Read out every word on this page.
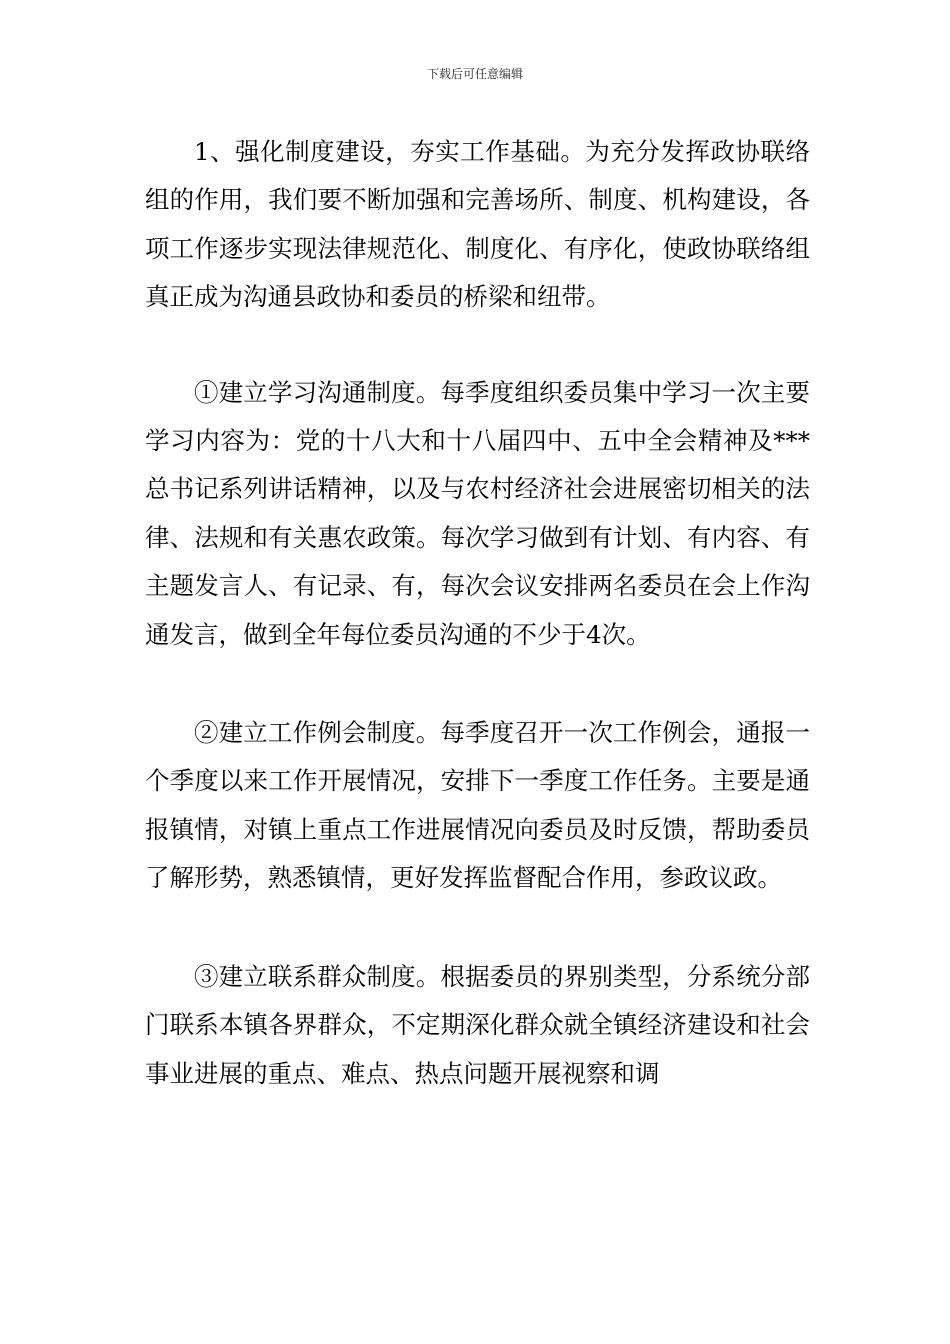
下载后可任意编辑

1、强化制度建设，夯实工作基础。为充分发挥政协联络组的作用，我们要不断加强和完善场所、制度、机构建设，各项工作逐步实现法律规范化、制度化、有序化，使政协联络组真正成为沟通县政协和委员的桥梁和纽带。

①建立学习沟通制度。每季度组织委员集中学习一次主要学习内容为：党的十八大和十八届四中、五中全会精神及***总书记系列讲话精神，以及与农村经济社会进展密切相关的法律、法规和有关惠农政策。每次学习做到有计划、有内容、有主题发言人、有记录、有，每次会议安排两名委员在会上作沟通发言，做到全年每位委员沟通的不少于4次。

②建立工作例会制度。每季度召开一次工作例会，通报一个季度以来工作开展情况，安排下一季度工作任务。主要是通报镇情，对镇上重点工作进展情况向委员及时反馈，帮助委员了解形势，熟悉镇情，更好发挥监督配合作用，参政议政。

③建立联系群众制度。根据委员的界别类型，分系统分部门联系本镇各界群众，不定期深化群众就全镇经济建设和社会事业进展的重点、难点、热点问题开展视察和调
